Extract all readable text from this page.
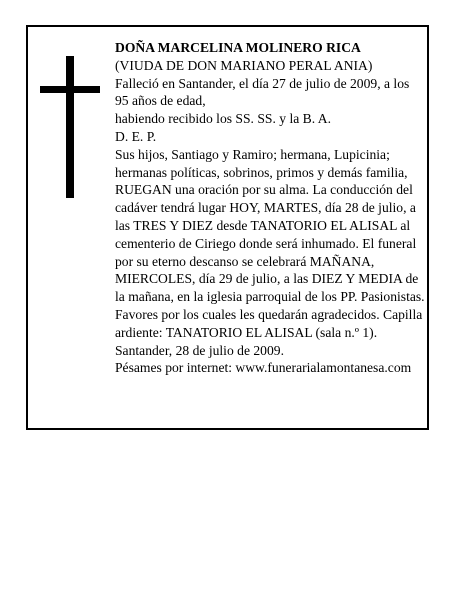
DOÑA MARCELINA MOLINERO RICA
(VIUDA DE DON MARIANO PERAL ANIA)
Falleció en Santander, el día 27 de julio de 2009, a los
95 años de edad,
habiendo recibido los SS. SS. y la B. A.
D. E. P.
Sus hijos, Santiago y Ramiro; hermana, Lupicinia; hermanas políticas, sobrinos, primos y demás familia, RUEGAN una oración por su alma. La conducción del cadáver tendrá lugar HOY, MARTES, día 28 de julio, a las TRES Y DIEZ desde TANATORIO EL ALISAL al cementerio de Ciriego donde será inhumado. El funeral por su eterno descanso se celebrará MAÑANA, MIERCOLES, día 29 de julio, a las DIEZ Y MEDIA de la mañana, en la iglesia parroquial de los PP. Pasionistas. Favores por los cuales les quedarán agradecidos. Capilla ardiente: TANATORIO EL ALISAL (sala n.º 1).
Santander, 28 de julio de 2009.
Pésames por internet: www.funerarialamontanesa.com
